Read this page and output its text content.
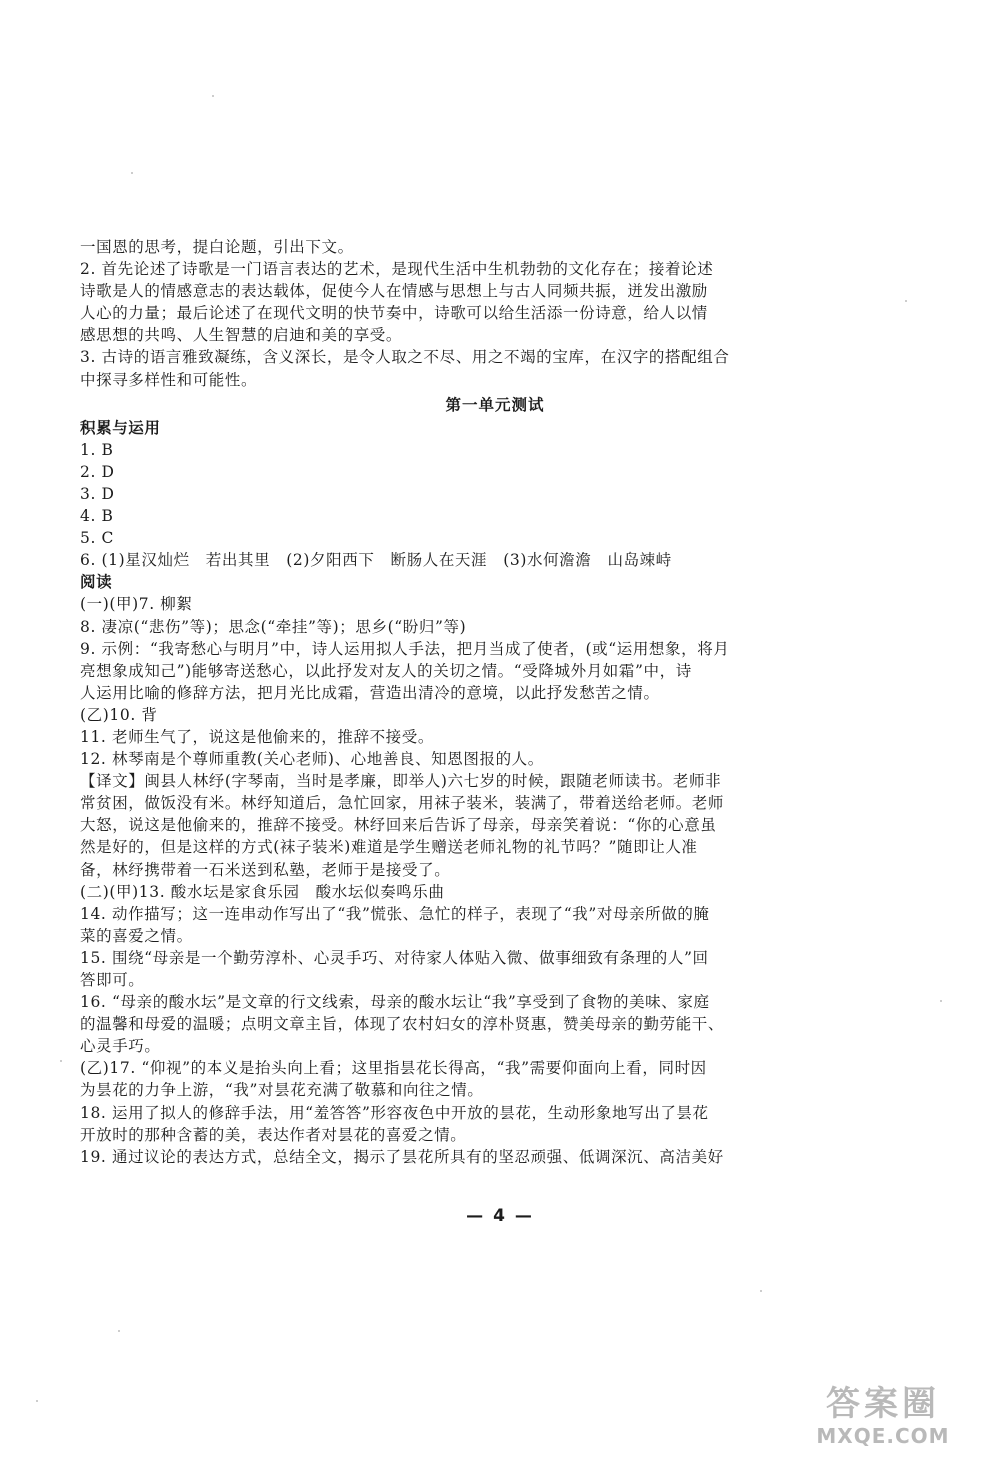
一国恩的思考，提白论题，引出下文。
2. 首先论述了诗歌是一门语言表达的艺术，是现代生活中生机勃勃的文化存在；接着论述
诗歌是人的情感意志的表达载体，促使今人在情感与思想上与古人同频共振，迸发出激励
人心的力量；最后论述了在现代文明的快节奏中，诗歌可以给生活添一份诗意，给人以情
感思想的共鸣、人生智慧的启迪和美的享受。
3. 古诗的语言雅致凝练，含义深长，是令人取之不尽、用之不竭的宝库，在汉字的搭配组合
中探寻多样性和可能性。
第一单元测试
积累与运用
1. B
2. D
3. D
4. B
5. C
6. (1)星汉灿烂　若出其里　(2)夕阳西下　断肠人在天涯　(3)水何澹澹　山岛竦峙
阅读
(一)(甲)7. 柳絮
8. 凄凉(“悲伤”等)；思念(“牵挂”等)；思乡(“盼归”等)
9. 示例：“我寄愁心与明月”中，诗人运用拟人手法，把月当成了使者，(或“运用想象，将月
亮想象成知己”)能够寄送愁心，以此抒发对友人的关切之情。“受降城外月如霜”中，诗
人运用比喻的修辞方法，把月光比成霜，营造出清冷的意境，以此抒发愁苦之情。
(乙)10. 背
11. 老师生气了，说这是他偷来的，推辞不接受。
12. 林琴南是个尊师重教(关心老师)、心地善良、知恩图报的人。
【译文】闽县人林纾(字琴南，当时是孝廉，即举人)六七岁的时候，跟随老师读书。老师非
常贫困，做饭没有米。林纾知道后，急忙回家，用袜子装米，装满了，带着送给老师。老师
大怒，说这是他偷来的，推辞不接受。林纾回来后告诉了母亲，母亲笑着说：“你的心意虽
然是好的，但是这样的方式(袜子装米)难道是学生赠送老师礼物的礼节吗？”随即让人准
备，林纾携带着一石米送到私塾，老师于是接受了。
(二)(甲)13. 酸水坛是家食乐园　酸水坛似奏鸣乐曲
14. 动作描写；这一连串动作写出了“我”慌张、急忙的样子，表现了“我”对母亲所做的腌
菜的喜爱之情。
15. 围绕“母亲是一个勤劳淳朴、心灵手巧、对待家人体贴入微、做事细致有条理的人”回
答即可。
16. “母亲的酸水坛”是文章的行文线索，母亲的酸水坛让“我”享受到了食物的美味、家庭
的温馨和母爱的温暖；点明文章主旨，体现了农村妇女的淳朴贤惠，赞美母亲的勤劳能干、
心灵手巧。
(乙)17. “仰视”的本义是抬头向上看；这里指昙花长得高，“我”需要仰面向上看，同时因
为昙花的力争上游，“我”对昙花充满了敬慕和向往之情。
18. 运用了拟人的修辞手法，用“羞答答”形容夜色中开放的昙花，生动形象地写出了昙花
开放时的那种含蓄的美，表达作者对昙花的喜爱之情。
19. 通过议论的表达方式，总结全文，揭示了昙花所具有的坚忍顽强、低调深沉、高洁美好
— 4 —
答案圈
MXQE.COM
